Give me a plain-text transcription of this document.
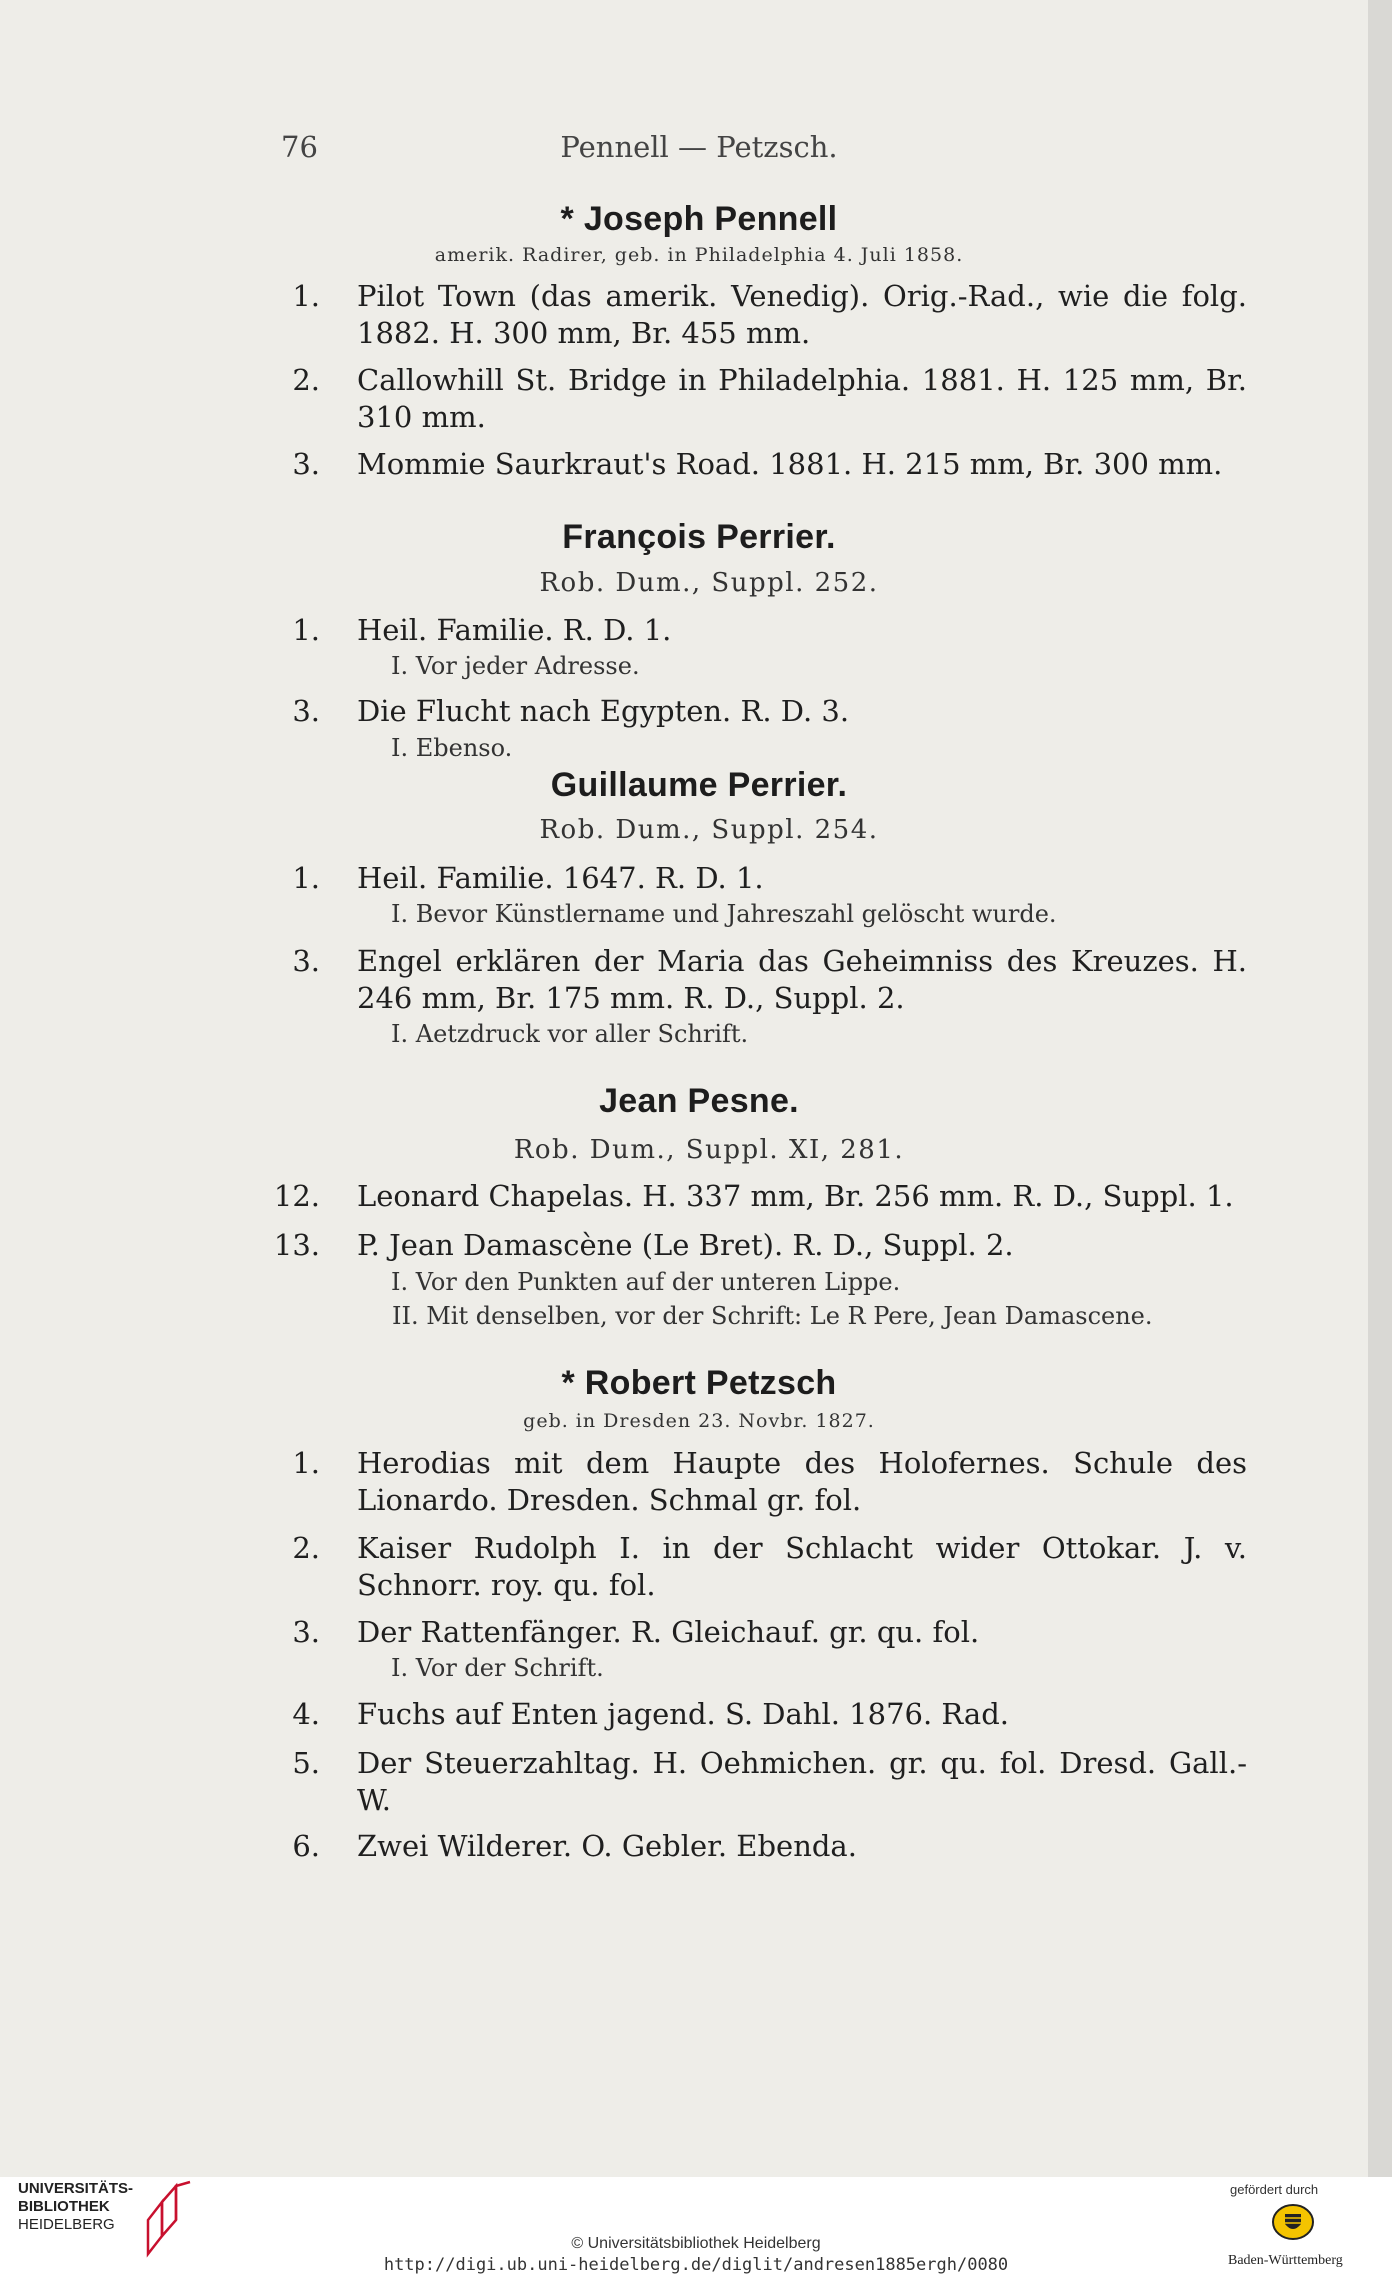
76	Pennell — Petzsch.
* Joseph Pennell
amerik. Radirer, geb. in Philadelphia 4. Juli 1858.
1. Pilot Town (das amerik. Venedig). Orig.-Rad., wie die folg. 1882. H. 300 mm, Br. 455 mm.
2. Callowhill St. Bridge in Philadelphia. 1881. H. 125 mm, Br. 310 mm.
3. Mommie Saurkraut's Road. 1881. H. 215 mm, Br. 300 mm.
François Perrier.
Rob. Dum., Suppl. 252.
1. Heil. Familie. R. D. 1.
I. Vor jeder Adresse.
3. Die Flucht nach Egypten. R. D. 3.
I. Ebenso.
Guillaume Perrier.
Rob. Dum., Suppl. 254.
1. Heil. Familie. 1647. R. D. 1.
I. Bevor Künstlername und Jahreszahl gelöscht wurde.
3. Engel erklären der Maria das Geheimniss des Kreuzes. H. 246 mm, Br. 175 mm. R. D., Suppl. 2.
I. Aetzdruck vor aller Schrift.
Jean Pesne.
Rob. Dum., Suppl. XI, 281.
12. Leonard Chapelas. H. 337 mm, Br. 256 mm. R. D., Suppl. 1.
13. P. Jean Damascène (Le Bret). R. D., Suppl. 2.
I. Vor den Punkten auf der unteren Lippe.
II. Mit denselben, vor der Schrift: Le R Pere, Jean Damascene.
* Robert Petzsch
geb. in Dresden 23. Novbr. 1827.
1. Herodias mit dem Haupte des Holofernes. Schule des Lionardo. Dresden. Schmal gr. fol.
2. Kaiser Rudolph I. in der Schlacht wider Ottokar. J. v. Schnorr. roy. qu. fol.
3. Der Rattenfänger. R. Gleichauf. gr. qu. fol.
I. Vor der Schrift.
4. Fuchs auf Enten jagend. S. Dahl. 1876. Rad.
5. Der Steuerzahltag. H. Oehmichen. gr. qu. fol. Dresd. Gall.-W.
6. Zwei Wilderer. O. Gebler. Ebenda.
UNIVERSITÄTS-
BIBLIOTHEK
HEIDELBERG
© Universitätsbibliothek Heidelberg
http://digi.ub.uni-heidelberg.de/diglit/andresen1885ergh/0080
gefördert durch
Baden-Württemberg
